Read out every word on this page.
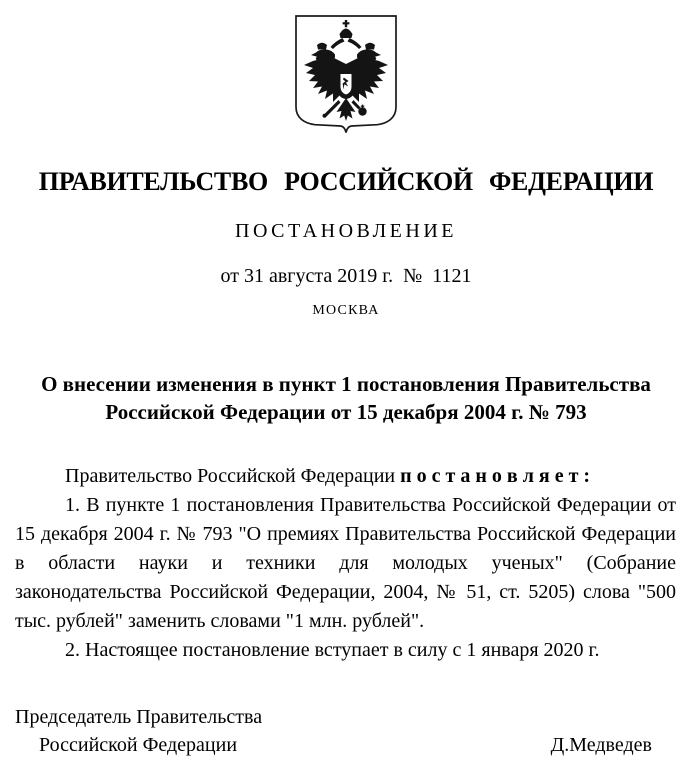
ПРАВИТЕЛЬСТВО РОССИЙСКОЙ ФЕДЕРАЦИИ
ПОСТАНОВЛЕНИЕ
от 31 августа 2019 г.  №  1121
МОСКВА
О внесении изменения в пункт 1 постановления Правительства
Российской Федерации от 15 декабря 2004 г. № 793

Правительство Российской Федерации п о с т а н о в л я е т :

1. В пункте 1 постановления Правительства Российской Федерации от 15 декабря 2004 г. № 793 "О премиях Правительства Российской Федерации в области науки и техники для молодых ученых" (Собрание законодательства Российской Федерации, 2004, № 51, ст. 5205) слова "500 тыс. рублей" заменить словами "1 млн. рублей".

2. Настоящее постановление вступает в силу с 1 января 2020 г.

Председатель Правительства
Российской Федерации	Д.Медведев
